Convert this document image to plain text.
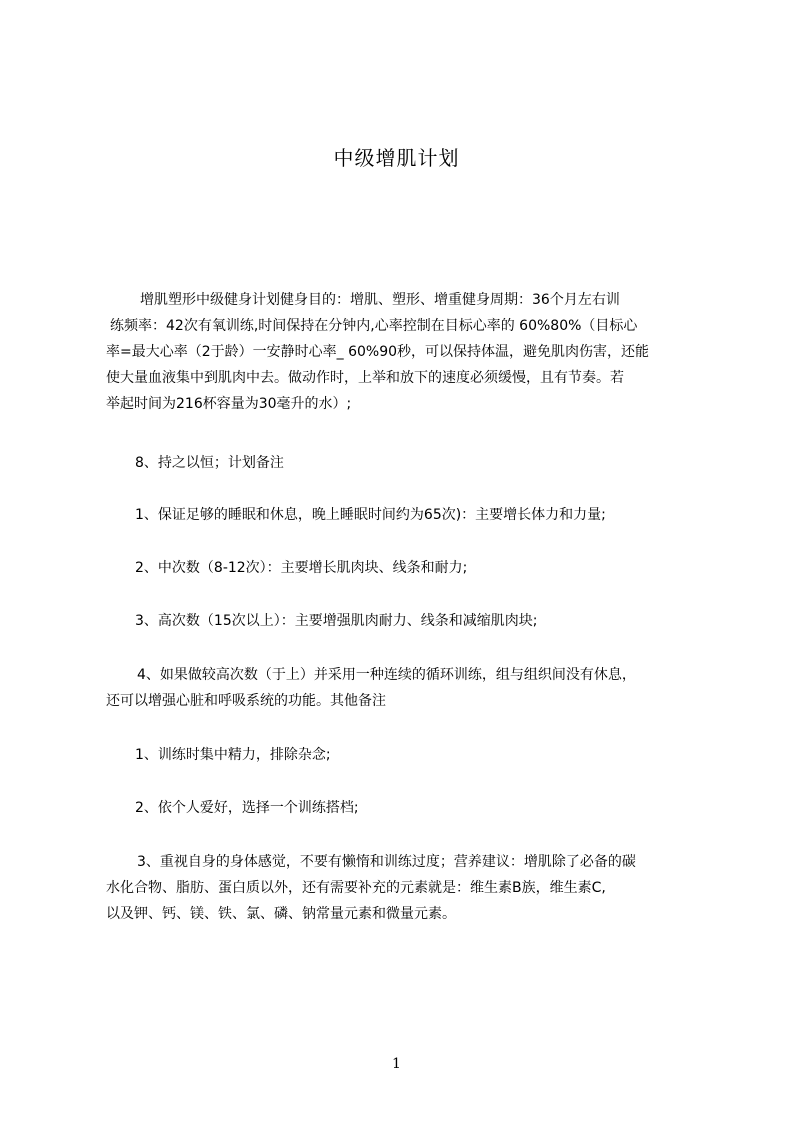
中级增肌计划
增肌塑形中级健身计划健身目的：增肌、塑形、增重健身周期：36个月左右训
练频率：42次有氧训练,时间保持在分钟内,心率控制在目标心率的 60%80%（目标心
率=最大心率（2于龄）一安静时心率_ 60%90秒，可以保持体温，避免肌肉伤害，还能
使大量血液集中到肌肉中去。做动作时，上举和放下的速度必须缓慢，且有节奏。若
举起时间为216杯容量为30毫升的水）;
8、持之以恒；计划备注
1、保证足够的睡眠和休息，晚上睡眠时间约为65次)：主要增长体力和力量;
2、中次数（8-12次）：主要增长肌肉块、线条和耐力;
3、高次数（15次以上）：主要增强肌肉耐力、线条和减缩肌肉块;
4、如果做较高次数（于上）并采用一种连续的循环训练，组与组织间没有休息，
还可以增强心脏和呼吸系统的功能。其他备注
1、训练时集中精力，排除杂念;
2、依个人爱好，选择一个训练搭档;
3、重视自身的身体感觉，不要有懒惰和训练过度；营养建议：增肌除了必备的碳
水化合物、脂肪、蛋白质以外，还有需要补充的元素就是：维生素B族，维生素C,
以及钾、钙、镁、铁、氯、磷、钠常量元素和微量元素。
1
